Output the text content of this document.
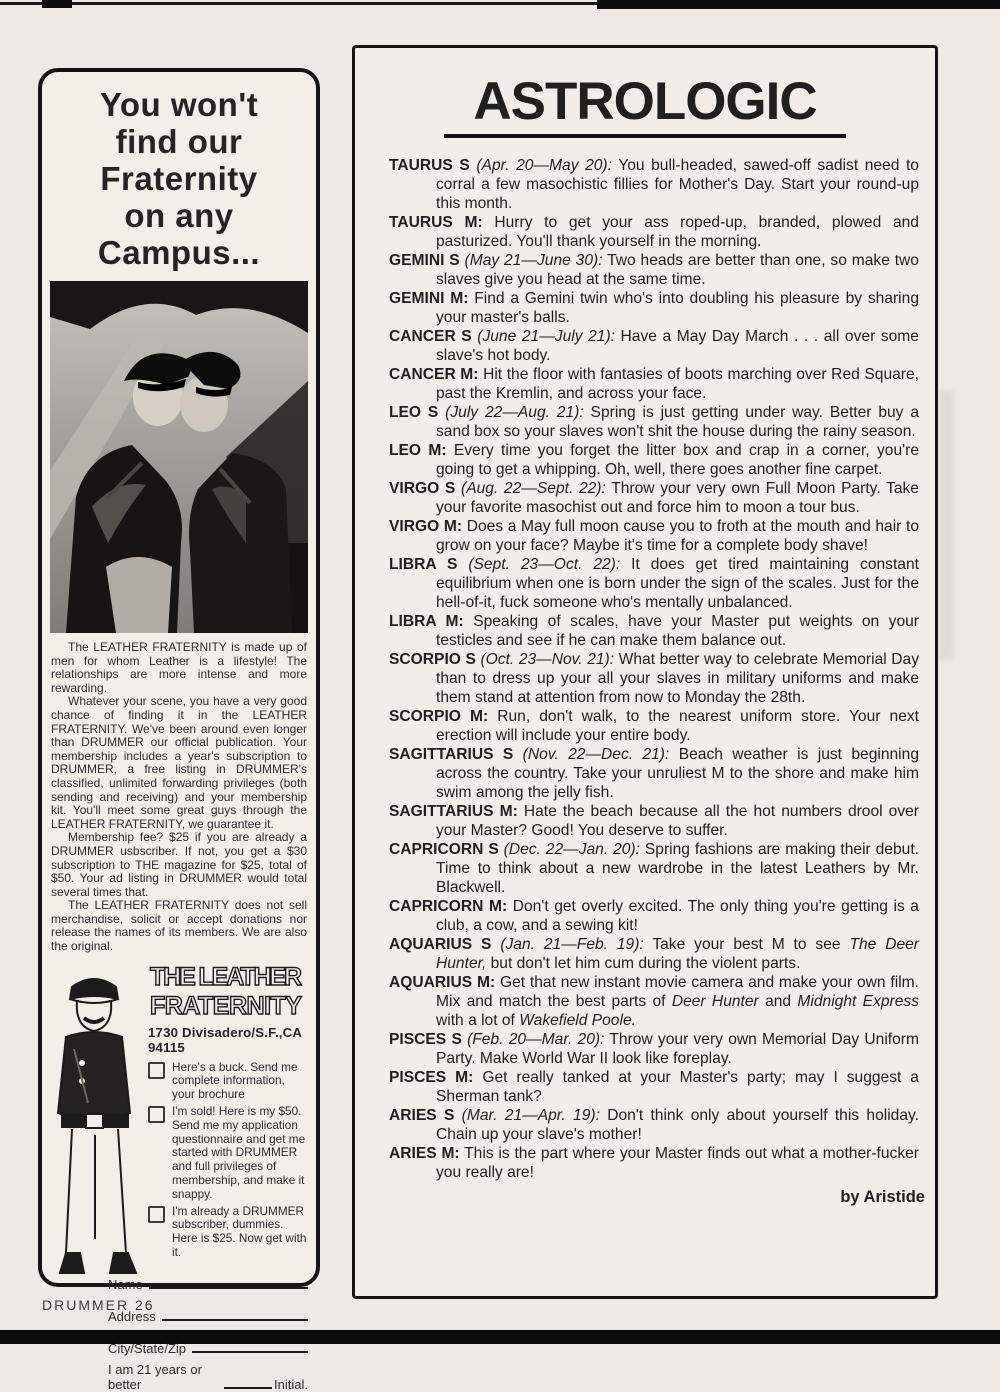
You won't
find our
Fraternity
on any
Campus...

The LEATHER FRATERNITY is made up of men for whom Leather is a lifestyle! The relationships are more intense and more rewarding.

Whatever your scene, you have a very good chance of finding it in the LEATHER FRATERNITY. We've been around even longer than DRUMMER our official publication. Your membership includes a year's subscription to DRUMMER, a free listing in DRUMMER's classified, unlimited forwarding privileges (both sending and receiving) and your membership kit. You'll meet some great guys through the LEATHER FRATERNITY, we guarantee it.

Membership fee? $25 if you are already a DRUMMER usbscriber. If not, you get a $30 subscription to THE magazine for $25, total of $50. Your ad listing in DRUMMER would total several times that.

The LEATHER FRATERNITY does not sell merchandise, solicit or accept donations nor release the names of its members. We are also the original.

THE LEATHER
FRATERNITY
1730 Divisadero/S.F.,CA 94115
Here's a buck. Send me complete information, your brochure
I'm sold! Here is my $50. Send me my application questionnaire and get me started with DRUMMER and full privileges of membership, and make it snappy.
I'm already a DRUMMER subscriber, dummies. Here is $25. Now get with it.
Name
Address
City/State/Zip
I am 21 years or better	Initial.
DRUMMER 26
ASTROLOGIC

TAURUS S (Apr. 20—May 20): You bull-headed, sawed-off sadist need to corral a few masochistic fillies for Mother's Day. Start your round-up this month.

TAURUS M: Hurry to get your ass roped-up, branded, plowed and pasturized. You'll thank yourself in the morning.

GEMINI S (May 21—June 30): Two heads are better than one, so make two slaves give you head at the same time.

GEMINI M: Find a Gemini twin who's into doubling his pleasure by sharing your master's balls.

CANCER S (June 21—July 21): Have a May Day March . . . all over some slave's hot body.

CANCER M: Hit the floor with fantasies of boots marching over Red Square, past the Kremlin, and across your face.

LEO S (July 22—Aug. 21): Spring is just getting under way. Better buy a sand box so your slaves won't shit the house during the rainy season.

LEO M: Every time you forget the litter box and crap in a corner, you're going to get a whipping. Oh, well, there goes another fine carpet.

VIRGO S (Aug. 22—Sept. 22): Throw your very own Full Moon Party. Take your favorite masochist out and force him to moon a tour bus.

VIRGO M: Does a May full moon cause you to froth at the mouth and hair to grow on your face? Maybe it's time for a complete body shave!

LIBRA S (Sept. 23—Oct. 22): It does get tired maintaining constant equilibrium when one is born under the sign of the scales. Just for the hell-of-it, fuck someone who's mentally unbalanced.

LIBRA M: Speaking of scales, have your Master put weights on your testicles and see if he can make them balance out.

SCORPIO S (Oct. 23—Nov. 21): What better way to celebrate Memorial Day than to dress up your all your slaves in military uniforms and make them stand at attention from now to Monday the 28th.

SCORPIO M: Run, don't walk, to the nearest uniform store. Your next erection will include your entire body.

SAGITTARIUS S (Nov. 22—Dec. 21): Beach weather is just beginning across the country. Take your unruliest M to the shore and make him swim among the jelly fish.

SAGITTARIUS M: Hate the beach because all the hot numbers drool over your Master? Good! You deserve to suffer.

CAPRICORN S (Dec. 22—Jan. 20): Spring fashions are making their debut. Time to think about a new wardrobe in the latest Leathers by Mr. Blackwell.

CAPRICORN M: Don't get overly excited. The only thing you're getting is a club, a cow, and a sewing kit!

AQUARIUS S (Jan. 21—Feb. 19): Take your best M to see The Deer Hunter, but don't let him cum during the violent parts.

AQUARIUS M: Get that new instant movie camera and make your own film. Mix and match the best parts of Deer Hunter and Midnight Express with a lot of Wakefield Poole.

PISCES S (Feb. 20—Mar. 20): Throw your very own Memorial Day Uniform Party. Make World War II look like foreplay.

PISCES M: Get really tanked at your Master's party; may I suggest a Sherman tank?

ARIES S (Mar. 21—Apr. 19): Don't think only about yourself this holiday. Chain up your slave's mother!

ARIES M: This is the part where your Master finds out what a mother-fucker you really are!

by Aristide
